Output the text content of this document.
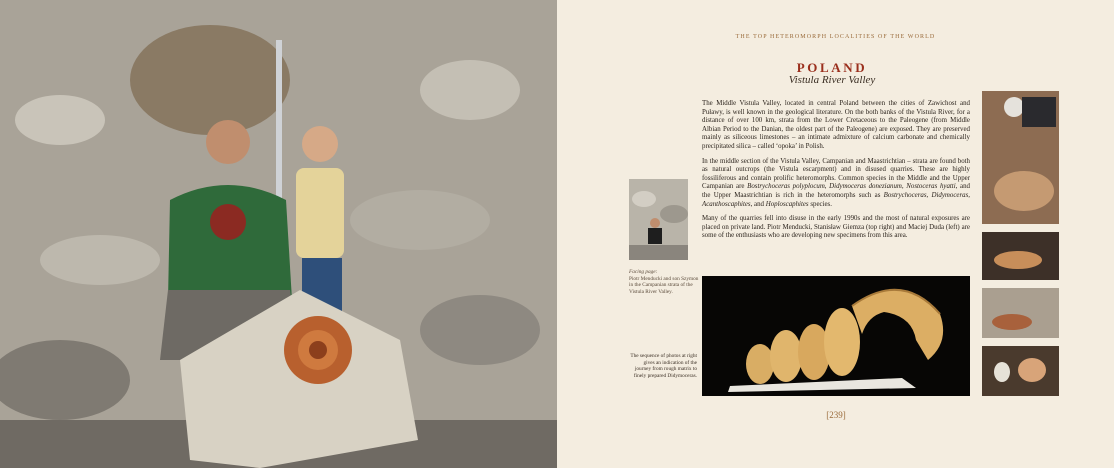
THE TOP HETEROMORPH LOCALITIES OF THE WORLD
POLAND
Vistula River Valley

The Middle Vistula Valley, located in central Poland between the cities of Zawichost and Puławy, is well known in the geological literature. On the both banks of the Vistula River, for a distance of over 100 km, strata from the Lower Cretaceous to the Paleogene (from Middle Albian Period to the Danian, the oldest part of the Paleogene) are exposed. They are preserved mainly as siliceous limestones – an intimate admixture of calcium carbonate and chemically precipitated silica – called ‘opoka’ in Polish.

In the middle section of the Vistula Valley, Campanian and Maastrichtian – strata are found both as natural outcrops (the Vistula escarpment) and in disused quarries. These are highly fossiliferous and contain prolific heteromorphs. Common species in the Middle and the Upper Campanian are Bostrychoceras polyplocum, Didymoceras donezianum, Nostoceras hyatti, and the Upper Maastrichtian is rich in the heteromorphs such as Bostrychoceras, Didymoceras, Acanthoscaphites, and Hoploscaphites species.

Many of the quarries fell into disuse in the early 1990s and the most of natural exposures are placed on private land. Piotr Menducki, Stanisław Giemza (top right) and Maciej Duda (left) are some of the enthusiasts who are developing new specimens from this area.

Facing page:
Piotr Menducki and son Szymon in the Campanian strata of the Vistula River Valley.
The sequence of photos at right gives an indication of the journey from rough matrix to finely prepared Didymoceras.
[239]
